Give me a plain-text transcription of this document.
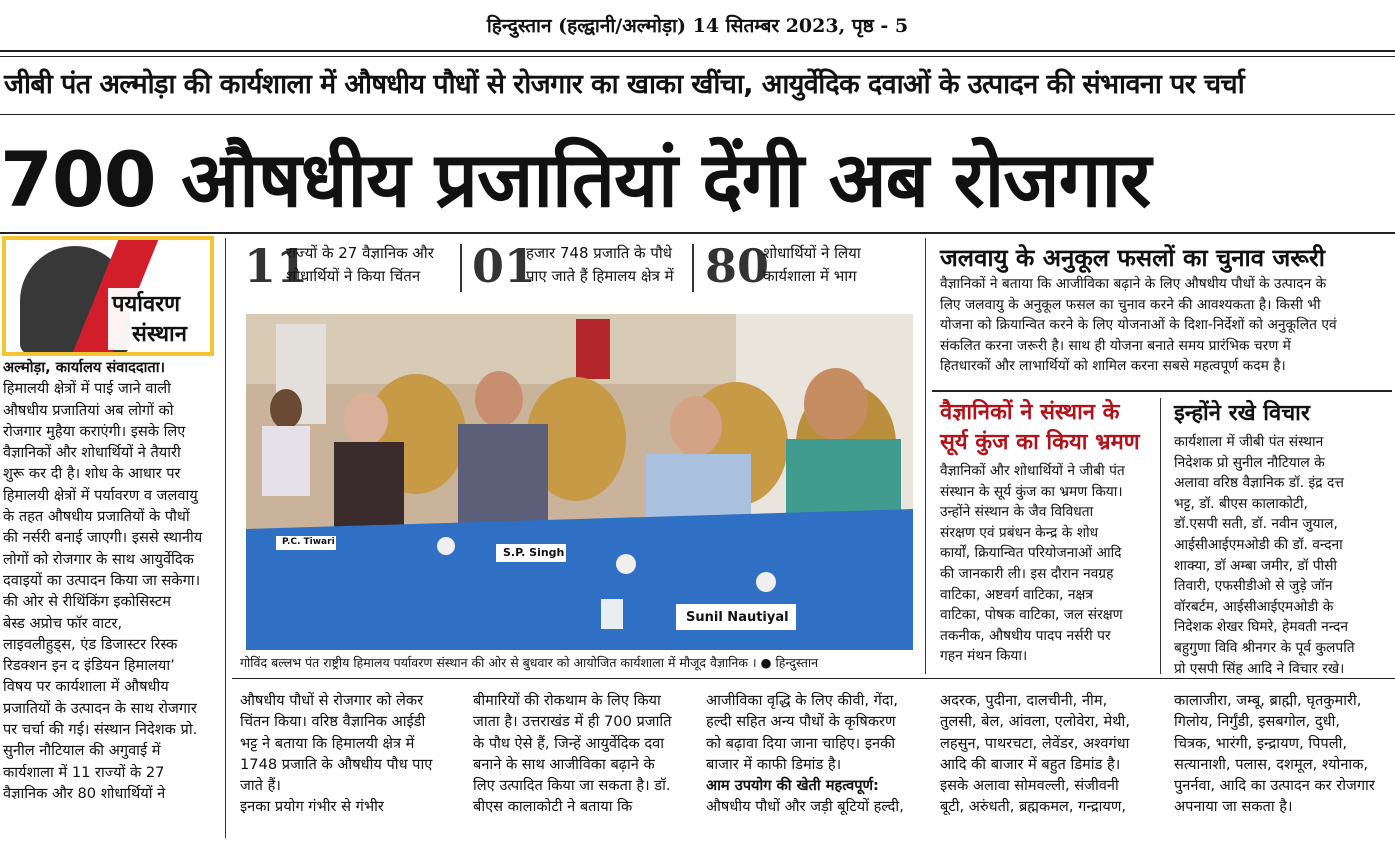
हिन्दुस्तान (हल्द्वानी/अल्मोड़ा) 14 सितम्बर 2023, पृष्ठ - 5
जीबी पंत अल्मोड़ा की कार्यशाला में औषधीय पौधों से रोजगार का खाका खींचा, आयुर्वेदिक दवाओं के उत्पादन की संभावना पर चर्चा
700 औषधीय प्रजातियां देंगी अब रोजगार
पर्यावरण
संस्थान

अल्मोड़ा, कार्यालय संवाददाता।

हिमालयी क्षेत्रों में पाई जाने वाली
औषधीय प्रजातियां अब लोगों को
रोजगार मुहैया कराएंगी। इसके लिए
वैज्ञानिकों और शोधार्थियों ने तैयारी
शुरू कर दी है। शोध के आधार पर
हिमालयी क्षेत्रों में पर्यावरण व जलवायु
के तहत औषधीय प्रजातियों के पौधों
की नर्सरी बनाई जाएगी। इससे स्थानीय
लोगों को रोजगार के साथ आयुर्वेदिक
दवाइयों का उत्पादन किया जा सकेगा।
की ओर से रीथिंकिंग इकोसिस्टम
बेस्ड अप्रोच फॉर वाटर,
लाइवलीहुड्स, एंड डिजास्टर रिस्क
रिडक्शन इन द इंडियन हिमालया’
विषय पर कार्यशाला में औषधीय
प्रजातियों के उत्पादन के साथ रोजगार
पर चर्चा की गई। संस्थान निदेशक प्रो.
सुनील नौटियाल की अगुवाई में
कार्यशाला में 11 राज्यों के 27
वैज्ञानिक और 80 शोधार्थियों ने
11
राज्यों के 27 वैज्ञानिक और
शोधार्थियों ने किया चिंतन 01
हजार 748 प्रजाति के पौधे
पाए जाते हैं हिमालय क्षेत्र में 80
शोधार्थियों ने लिया
कार्यशाला में भाग
P.C. Tiwari
S.P. Singh
Sunil Nautiyal
गोविंद बल्लभ पंत राष्ट्रीय हिमालय पर्यावरण संस्थान की ओर से बुधवार को आयोजित कार्यशाला में मौजूद वैज्ञानिक । ● हिन्दुस्तान
जलवायु के अनुकूल फसलों का चुनाव जरूरी
वैज्ञानिकों ने बताया कि आजीविका बढ़ाने के लिए औषधीय पौधों के उत्पादन के
लिए जलवायु के अनुकूल फसल का चुनाव करने की आवश्यकता है। किसी भी
योजना को क्रियान्वित करने के लिए योजनाओं के दिशा-निर्देशों को अनुकूलित एवं
संकलित करना जरूरी है। साथ ही योजना बनाते समय प्रारंभिक चरण में
हितधारकों और लाभार्थियों को शामिल करना सबसे महत्वपूर्ण कदम है।
वैज्ञानिकों ने संस्थान के
सूर्य कुंज का किया भ्रमण
वैज्ञानिकों और शोधार्थियों ने जीबी पंत
संस्थान के सूर्य कुंज का भ्रमण किया।
उन्होंने संस्थान के जैव विविधता
संरक्षण एवं प्रबंधन केन्द्र के शोध
कार्यों, क्रियान्वित परियोजनाओं आदि
की जानकारी ली। इस दौरान नवग्रह
वाटिका, अष्टवर्ग वाटिका, नक्षत्र
वाटिका, पोषक वाटिका, जल संरक्षण
तकनीक, औषधीय पादप नर्सरी पर
गहन मंथन किया।
इन्होंने रखे विचार
कार्यशाला में जीबी पंत संस्थान
निदेशक प्रो सुनील नौटियाल के
अलावा वरिष्ठ वैज्ञानिक डॉ. इंद्र दत्त
भट्ट, डॉ. बीएस कालाकोटी,
डॉ.एसपी सती, डॉ. नवीन जुयाल,
आईसीआईएमओडी की डॉ. वन्दना
शाक्या, डॉ अम्बा जमीर, डॉ पीसी
तिवारी, एफसीडीओ से जुड़े जॉन
वॉरबर्टम, आईसीआईएमओडी के
निदेशक शेखर घिमरे, हेमवती नन्दन
बहुगुणा विवि श्रीनगर के पूर्व कुलपति
प्रो एसपी सिंह आदि ने विचार रखे।
औषधीय पौधों से रोजगार को लेकर
चिंतन किया। वरिष्ठ वैज्ञानिक आईडी
भट्ट ने बताया कि हिमालयी क्षेत्र में
1748 प्रजाति के औषधीय पौध पाए
जाते हैं।
इनका प्रयोग गंभीर से गंभीर
बीमारियों की रोकथाम के लिए किया
जाता है। उत्तराखंड में ही 700 प्रजाति
के पौध ऐसे हैं, जिन्हें आयुर्वेदिक दवा
बनाने के साथ आजीविका बढ़ाने के
लिए उत्पादित किया जा सकता है। डॉ.
बीएस कालाकोटी ने बताया कि
आजीविका वृद्धि के लिए कीवी, गेंदा,
हल्दी सहित अन्य पौधों के कृषिकरण
को बढ़ावा दिया जाना चाहिए। इनकी
बाजार में काफी डिमांड है।
आम उपयोग की खेती महत्वपूर्ण:
औषधीय पौधों और जड़ी बूटियों हल्दी,
अदरक, पुदीना, दालचीनी, नीम,
तुलसी, बेल, आंवला, एलोवेरा, मेथी,
लहसुन, पाथरचटा, लेवेंडर, अश्वगंधा
आदि की बाजार में बहुत डिमांड है।
इसके अलावा सोमवल्ली, संजीवनी
बूटी, अरुंधती, ब्रह्मकमल, गन्द्रायण,
कालाजीरा, जम्बू, ब्राह्मी, घृतकुमारी,
गिलोय, निर्गुंडी, इसबगोल, दुधी,
चित्रक, भारंगी, इन्द्रायण, पिपली,
सत्यानाशी, पलास, दशमूल, श्योनाक,
पुनर्नवा, आदि का उत्पादन कर रोजगार
अपनाया जा सकता है।
